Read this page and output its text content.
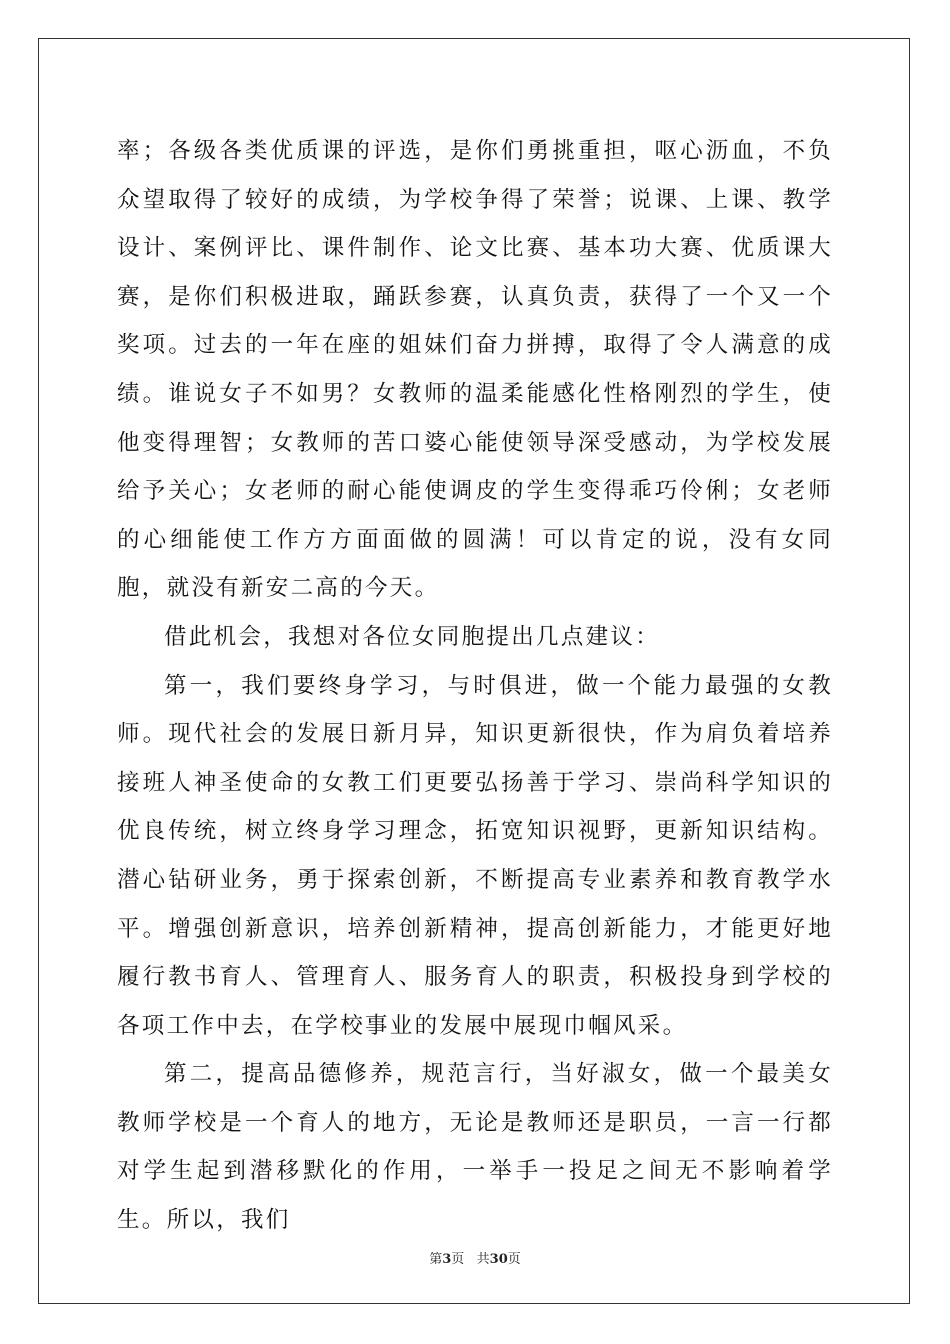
率；各级各类优质课的评选，是你们勇挑重担，呕心沥血，不负众望取得了较好的成绩，为学校争得了荣誉；说课、上课、教学设计、案例评比、课件制作、论文比赛、基本功大赛、优质课大赛，是你们积极进取，踊跃参赛，认真负责，获得了一个又一个奖项。过去的一年在座的姐妹们奋力拼搏，取得了令人满意的成绩。谁说女子不如男？女教师的温柔能感化性格刚烈的学生，使他变得理智；女教师的苦口婆心能使领导深受感动，为学校发展给予关心；女老师的耐心能使调皮的学生变得乖巧伶俐；女老师的心细能使工作方方面面做的圆满！可以肯定的说，没有女同胞，就没有新安二高的今天。

借此机会，我想对各位女同胞提出几点建议：

第一，我们要终身学习，与时俱进，做一个能力最强的女教师。现代社会的发展日新月异，知识更新很快，作为肩负着培养接班人神圣使命的女教工们更要弘扬善于学习、崇尚科学知识的优良传统，树立终身学习理念，拓宽知识视野，更新知识结构。潜心钻研业务，勇于探索创新，不断提高专业素养和教育教学水平。增强创新意识，培养创新精神，提高创新能力，才能更好地履行教书育人、管理育人、服务育人的职责，积极投身到学校的各项工作中去，在学校事业的发展中展现巾帼风采。

第二，提高品德修养，规范言行，当好淑女，做一个最美女教师学校是一个育人的地方，无论是教师还是职员，一言一行都对学生起到潜移默化的作用，一举手一投足之间无不影响着学生。所以，我们

第3页   共30页
